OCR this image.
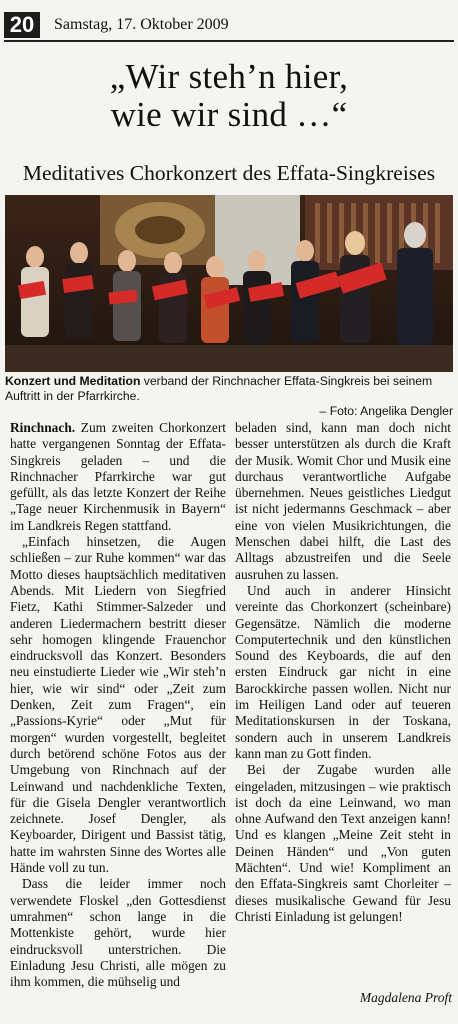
20	Samstag, 17. Oktober 2009
„Wir steh’n hier,
wie wir sind …“
Meditatives Chorkonzert des Effata-Singkreises
Konzert und Meditation verband der Rinchnacher Effata-Singkreis bei seinem Auftritt in der Pfarrkirche.
– Foto: Angelika Dengler

Rinchnach. Zum zweiten Chorkonzert hatte vergangenen Sonntag der Effata-Singkreis geladen – und die Rinchnacher Pfarrkirche war gut gefüllt, als das letzte Konzert der Reihe „Tage neuer Kirchenmusik in Bayern“ im Landkreis Regen stattfand.

„Einfach hinsetzen, die Augen schließen – zur Ruhe kommen“ war das Motto dieses hauptsächlich meditativen Abends. Mit Liedern von Siegfried Fietz, Kathi Stimmer-Salzeder und anderen Liedermachern bestritt dieser sehr homogen klingende Frauenchor eindrucksvoll das Konzert. Besonders neu einstudierte Lieder wie „Wir steh’n hier, wie wir sind“ oder „Zeit zum Denken, Zeit zum Fragen“, ein „Passions-Kyrie“ oder „Mut für morgen“ wurden vorgestellt, begleitet durch betörend schöne Fotos aus der Umgebung von Rinchnach auf der Leinwand und nachdenkliche Texten, für die Gisela Dengler verantwortlich zeichnete. Josef Dengler, als Keyboarder, Dirigent und Bassist tätig, hatte im wahrsten Sinne des Wortes alle Hände voll zu tun.

Dass die leider immer noch verwendete Floskel „den Gottesdienst umrahmen“ schon lange in die Mottenkiste gehört, wurde hier eindrucksvoll unterstrichen. Die Einladung Jesu Christi, alle mögen zu ihm kommen, die mühselig und

beladen sind, kann man doch nicht besser unterstützen als durch die Kraft der Musik. Womit Chor und Musik eine durchaus verantwortliche Aufgabe übernehmen. Neues geistliches Liedgut ist nicht jedermanns Geschmack – aber eine von vielen Musikrichtungen, die Menschen dabei hilft, die Last des Alltags abzustreifen und die Seele ausruhen zu lassen.

Und auch in anderer Hinsicht vereinte das Chorkonzert (scheinbare) Gegensätze. Nämlich die moderne Computertechnik und den künstlichen Sound des Keyboards, die auf den ersten Eindruck gar nicht in eine Barockkirche passen wollen. Nicht nur im Heiligen Land oder auf teueren Meditationskursen in der Toskana, sondern auch in unserem Landkreis kann man zu Gott finden.

Bei der Zugabe wurden alle eingeladen, mitzusingen – wie praktisch ist doch da eine Leinwand, wo man ohne Aufwand den Text anzeigen kann! Und es klangen „Meine Zeit steht in Deinen Händen“ und „Von guten Mächten“. Und wie! Kompliment an den Effata-Singkreis samt Chorleiter – dieses musikalische Gewand für Jesu Christi Einladung ist gelungen!

Magdalena Proft
